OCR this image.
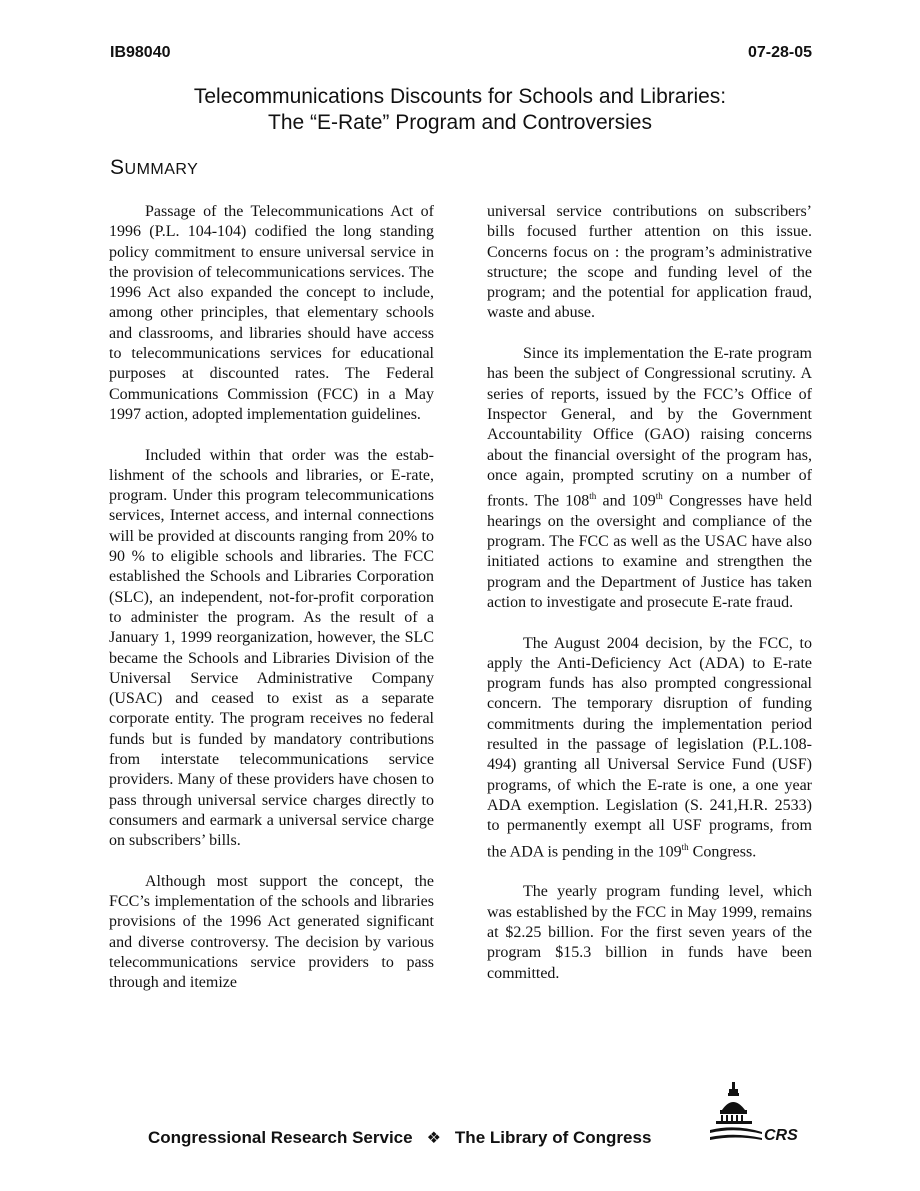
IB98040	07-28-05
Telecommunications Discounts for Schools and Libraries:
The “E-Rate” Program and Controversies
SUMMARY

Passage of the Telecommunications Act of 1996 (P.L. 104-104) codified the long standing policy commitment to ensure universal service in the provision of telecommunications services. The 1996 Act also expanded the concept to include, among other principles, that elementary schools and classrooms, and libraries should have access to telecommunications services for educational purposes at discounted rates. The Federal Communications Commission (FCC) in a May 1997 action, adopted implementation guidelines.

Included within that order was the establishment of the schools and libraries, or E-rate, program. Under this program telecommunications services, Internet access, and internal connections will be provided at discounts ranging from 20% to 90 % to eligible schools and libraries. The FCC established the Schools and Libraries Corporation (SLC), an independent, not-for-profit corporation to administer the program. As the result of a January 1, 1999 reorganization, however, the SLC became the Schools and Libraries Division of the Universal Service Administrative Company (USAC) and ceased to exist as a separate corporate entity. The program receives no federal funds but is funded by mandatory contributions from interstate telecommunications service providers. Many of these providers have chosen to pass through universal service charges directly to consumers and earmark a universal service charge on subscribers’ bills.

Although most support the concept, the FCC’s implementation of the schools and libraries provisions of the 1996 Act generated significant and diverse controversy. The decision by various telecommunications service providers to pass through and itemize

universal service contributions on subscribers’ bills focused further attention on this issue. Concerns focus on : the program’s administrative structure; the scope and funding level of the program; and the potential for application fraud, waste and abuse.

Since its implementation the E-rate program has been the subject of Congressional scrutiny. A series of reports, issued by the FCC’s Office of Inspector General, and by the Government Accountability Office (GAO) raising concerns about the financial oversight of the program has, once again, prompted scrutiny on a number of fronts. The 108th and 109th Congresses have held hearings on the oversight and compliance of the program. The FCC as well as the USAC have also initiated actions to examine and strengthen the program and the Department of Justice has taken action to investigate and prosecute E-rate fraud.

The August 2004 decision, by the FCC, to apply the Anti-Deficiency Act (ADA) to E-rate program funds has also prompted congressional concern. The temporary disruption of funding commitments during the implementation period resulted in the passage of legislation (P.L.108-494) granting all Universal Service Fund (USF) programs, of which the E-rate is one, a one year ADA exemption. Legislation (S. 241,H.R. 2533) to permanently exempt all USF programs, from the ADA is pending in the 109th Congress.

The yearly program funding level, which was established by the FCC in May 1999, remains at $2.25 billion. For the first seven years of the program $15.3 billion in funds have been committed.

Congressional Research Service ❖ The Library of Congress	CRS
